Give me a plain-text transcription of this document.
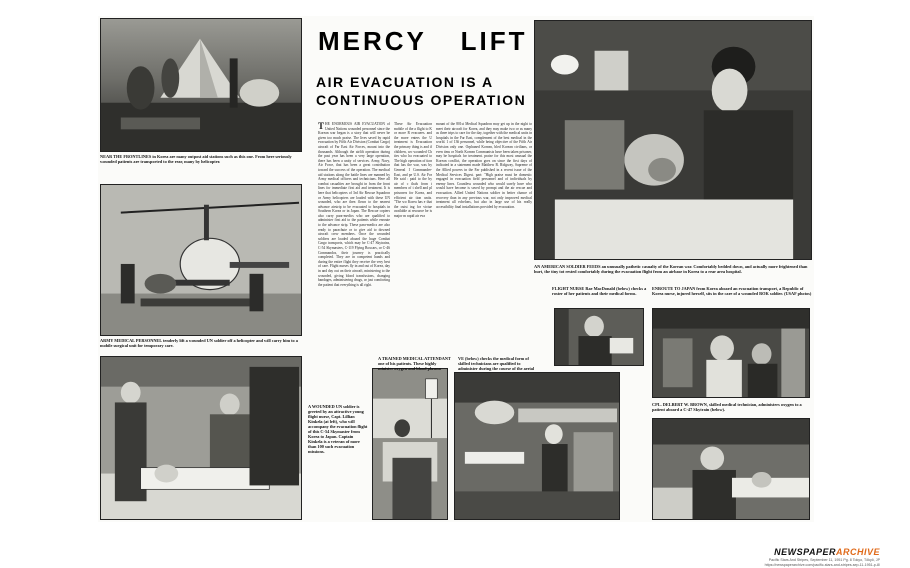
NEAR THE FRONTLINES in Korea are many outpost aid stations such as this one. From here seriously wounded patients are transported to the rear, many by helicopter.
ARMY MEDICAL PERSONNEL tenderly lift a wounded UN soldier off a helicopter and will carry him to a mobile surgical unit for temporary care.
MERCY LIFT
AIR EVACUATION IS A
CONTINUOUS OPERATION
THE ENORMOUS AIR EVACUATION of United Nations wounded personnel since the Korean war began is a story that will never be given too much praise. The lives saved by rapid evacuation by Fifth Air Division (Combat Cargo) aircraft of Far East Air Forces, mount into the thousands. Although the airlift operation during the past year has been a very large operation, there has been a unity of services. Army, Navy, Air Force, that has been a great contribution toward the success of the operation. The medical aid stations along the battle lines are manned by Army medical officers and technicians. Here all combat casualties are brought in from the front lines for immediate first aid and treatment. It is here that helicopters of 3rd Air Rescue Squadron or Army helicopters are loaded with these UN wounded, who are then flown to the nearest advance airstrip to be evacuated to hospitals in Southern Korea or in Japan. The Rescue copters also carry para-medics who are qualified to administer first aid to the patients while enroute to the advance strip. These para-medics are also ready to parachute or to give aid to downed aircraft crew members. Once the wounded soldiers are loaded aboard the huge Combat Cargo transports, which may be C-47 Skytrains, C-54 Skymasters, C-119 Flying Boxcars, or C-46 Commandos, their journey is practically completed. They are in competent hands and during the entire flight they receive the very best of care. Flight nurses fly in and out of Korea, day in and day out on their aircraft, ministering to the wounded, giving blood transfusions, changing bandages, administering drugs, or just comforting the patient that everything is all right.
These Air Evacuation mobile of the a flight to K or more R evacuees. and the more enters the U treatment is Evacuation the primary thing is and if children, wo wounded Ch ties who ha evacuated to The high operation of tion that has the war, was by General I Commander- East, and pe U.S. Air For He said : paid to the by air of c thals from t members of t shell and pl prisoners for Korea, and efficient air tion units. "The wo Korea has e that the outst ing for victue available at resource be is major m rapid air eva
mount of the 801st Medical Squadron may get up in the night to meet their aircraft for Korea, and they may make two or as many as three trips to care for the day, together with the medical units in hospitals in the Far East, complement of the best medical in the world. 1 of 136 personnel, while being objective of the Fifth Air Division only one. Orphaned Korean, bled Korean civilians, or even tims or North Korean Communists have been taken prisoner, may be hospitals for treatment. praise for this most unusual the Korean conflict, the operation goes on since the first days of indicated in a statement made Matthew B. Ridgway, Supreme of the Allied powers in the Far published in a recent issue of the Medical Services Digest. part: "High praise must be domestic engaged in evacuation field personnel and of individuals by enemy lines. Countless wounded who would surely have who would have become is saved by prompt and the air rescue and evacuation. Allied United Nations soldier in better chance of recovery than in any previous war, not only improved medical treatment all echelons, but also in large use of his really accessibility final installations provided by evacuation.
A WOUNDED UN soldier is greeted by an attractive young flight nurse, Capt. Lillian Kinkela (at left), who will accompany the evacuation flight of this C-54 Skymaster from Korea to Japan. Captain Kinkela is a veteran of more than 100 such evacuation missions.
A TRAINED MEDICAL ATTENDANT one of his patients. These highly minister oxygen and blood plasma
VE (below) checks the medical form of skilled technicians are qualified to administer during the course of the aerial
AN AMERICAN SOLDIER FEEDS an unusually pathetic casualty of the Korean war. Comfortably bedded down, and actually more frightened than hurt, the tiny tot rested comfortably during the evacuation flight from an airbase in Korea to a rear area hospital.
FLIGHT NURSE Rae MacDonald (below) checks a roster of her patients and their medical forms.
ENROUTE TO JAPAN from Korea aboard an evacuation transport, a Republic of Korea nurse, injured herself, sits in the care of a wounded ROK soldier. (USAF photos)
CPL. DELBERT W. BROWN, skilled medical technician, administers oxygen to a patient aboard a C-47 Skytrain (below).
NEWSPAPERARCHIVE
Pacific Stars And Stripes, September 11, 1951 Pg. 8 Tokyo, Tōkyō, JP
https://newspaperarchive.com/pacific-stars-and-stripes-sep-11-1951-p-8/
